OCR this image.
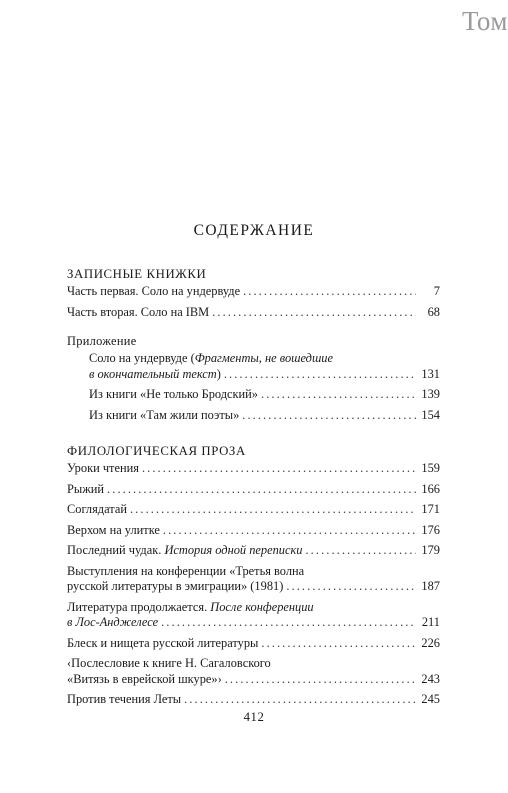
Том
СОДЕРЖАНИЕ
ЗАПИСНЫЕ КНИЖКИ
Часть первая. Соло на ундервуде . . .	7
Часть вторая. Соло на IBM . . .	68
Приложение
Соло на ундервуде (Фрагменты, не вошедшие
в окончательный текст) . . .	131
Из книги «Не только Бродский» . . .	139
Из книги «Там жили поэты» . . .	154
ФИЛОЛОГИЧЕСКАЯ ПРОЗА
Уроки чтения . . .	159
Рыжий . . .	166
Соглядатай . . .	171
Верхом на улитке . . .	176
Последний чудак. История одной переписки . . .	179
Выступления на конференции «Третья волна
русской литературы в эмиграции» (1981) . . .	187
Литература продолжается. После конференции
в Лос-Анджелесе . . .	211
Блеск и нищета русской литературы . . .	226
‹Послесловие к книге Н. Сагаловского
«Витязь в еврейской шкуре»› . . .	243
Против течения Леты . . .	245
412
